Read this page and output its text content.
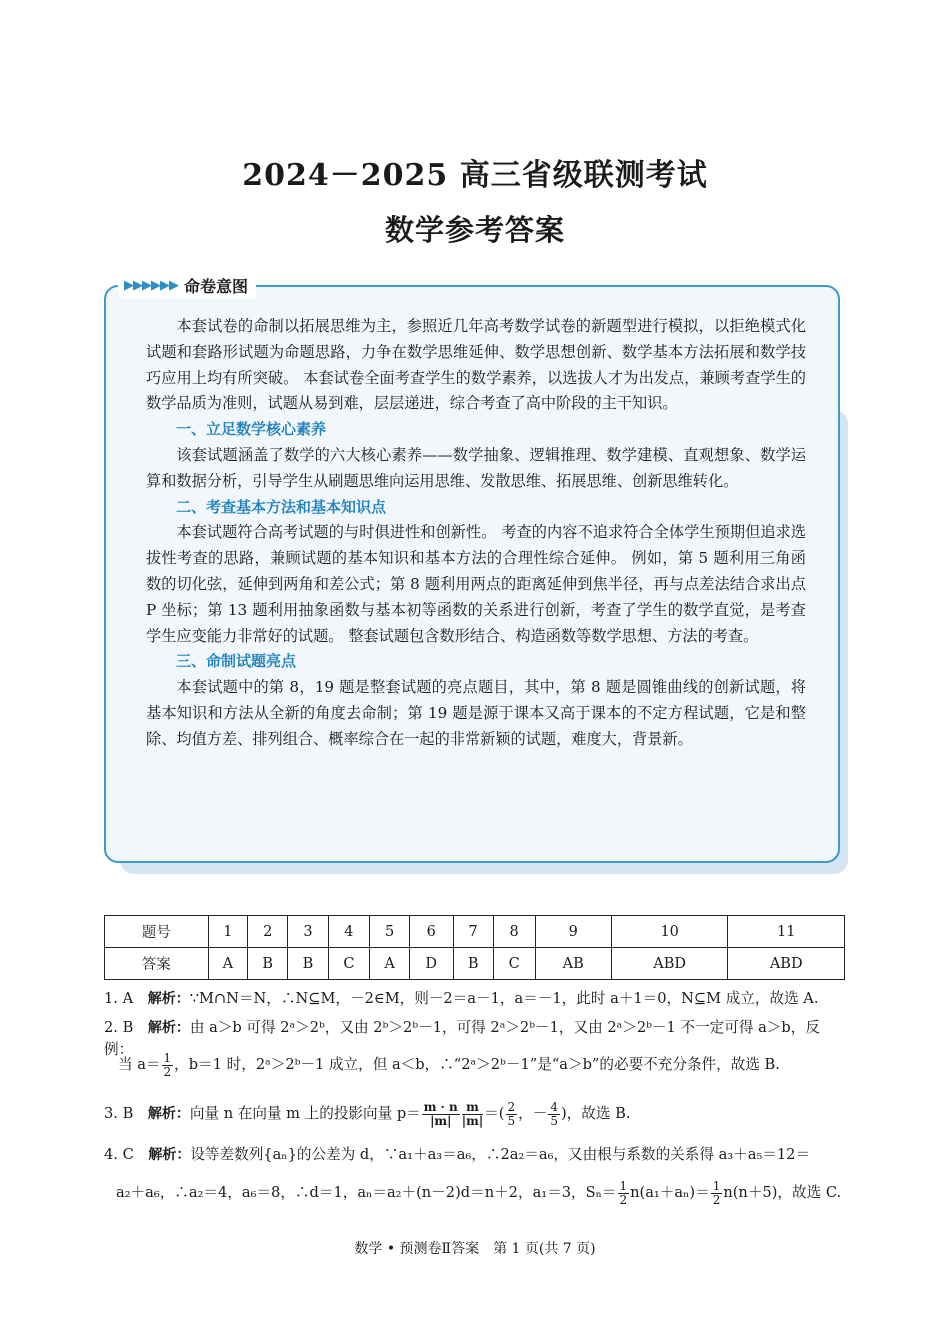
2024－2025 高三省级联测考试
数学参考答案
▶▶▶▶▶▶ 命卷意图

本套试卷的命制以拓展思维为主，参照近几年高考数学试卷的新题型进行模拟，以拒绝模式化试题和套路形试题为命题思路，力争在数学思维延伸、数学思想创新、数学基本方法拓展和数学技巧应用上均有所突破。 本套试卷全面考查学生的数学素养，以选拔人才为出发点，兼顾考查学生的数学品质为准则，试题从易到难，层层递进，综合考查了高中阶段的主干知识。

一、立足数学核心素养

该套试题涵盖了数学的六大核心素养——数学抽象、逻辑推理、数学建模、直观想象、数学运算和数据分析，引导学生从刷题思维向运用思维、发散思维、拓展思维、创新思维转化。

二、考查基本方法和基本知识点

本套试题符合高考试题的与时俱进性和创新性。 考查的内容不追求符合全体学生预期但追求选拔性考查的思路，兼顾试题的基本知识和基本方法的合理性综合延伸。 例如，第 5 题利用三角函数的切化弦，延伸到两角和差公式；第 8 题利用两点的距离延伸到焦半径，再与点差法结合求出点 P 坐标；第 13 题利用抽象函数与基本初等函数的关系进行创新，考查了学生的数学直觉，是考查学生应变能力非常好的试题。 整套试题包含数形结合、构造函数等数学思想、方法的考查。

三、命制试题亮点

本套试题中的第 8，19 题是整套试题的亮点题目，其中，第 8 题是圆锥曲线的创新试题，将基本知识和方法从全新的角度去命制；第 19 题是源于课本又高于课本的不定方程试题，它是和整除、均值方差、排列组合、概率综合在一起的非常新颖的试题，难度大，背景新。

题号	1	2	3	4	5	6	7	8	9	10	11
答案	A	B	B	C	A	D	B	C	AB	ABD	ABD
1. A　解析：∵M∩N＝N，∴N⊆M，－2∈M，则－2＝a－1，a＝－1，此时 a＋1＝0，N⊆M 成立，故选 A.
2. B　解析：由 a＞b 可得 2ᵃ＞2ᵇ，又由 2ᵇ＞2ᵇ－1，可得 2ᵃ＞2ᵇ－1，又由 2ᵃ＞2ᵇ－1 不一定可得 a＞b，反例：
当 $a= \frac{1}{2}$ ，b＝1 时，2ᵃ＞2ᵇ－1 成立，但 a＜b，∴“2ᵃ＞2ᵇ－1”是“a＞b”的必要不充分条件，故选 B.
3. B　解析：向量 n 在向量 m 上的投影向量 $p= \frac{m \cdot n}{|m|} \frac{m}{|m|}$ ＝( $\frac{2}{5}$ ，－ $\frac{4}{5}$ )，故选 B.
4. C　解析：设等差数列{aₙ}的公差为 d，∵a₁＋a₃＝a₆，∴2a₂＝a₆，又由根与系数的关系得 a₃＋a₅＝12＝
a₂＋a₆，∴a₂＝4，a₆＝8，∴d＝1，aₙ＝a₂＋(n－2)d＝n＋2，a₁＝3，$S_n= \frac{1}{2} n(a_1+a_n)= \frac{1}{2} n(n+5)$，故选 C.
数学 • 预测卷Ⅱ答案　第 1 页(共 7 页)
